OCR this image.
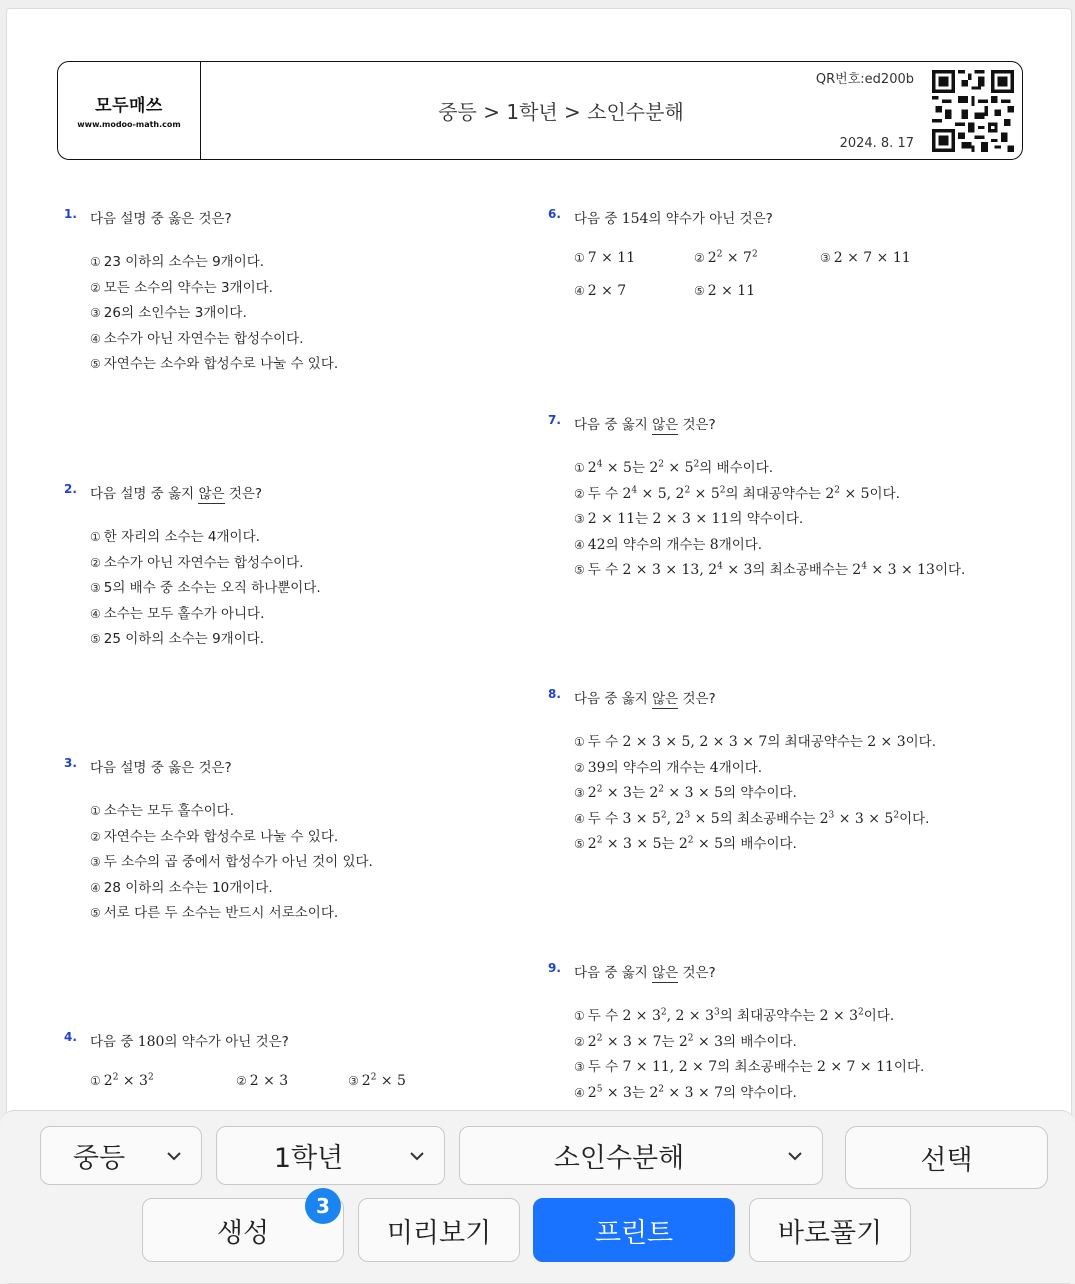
모두매쓰
www.modoo-math.com
중등 > 1학년 > 소인수분해
QR번호:ed200b
2024. 8. 17
1. 다음 설명 중 옳은 것은?
① 23 이하의 소수는 9개이다.
② 모든 소수의 약수는 3개이다.
③ 26의 소인수는 3개이다.
④ 소수가 아닌 자연수는 합성수이다.
⑤ 자연수는 소수와 합성수로 나눌 수 있다.
2. 다음 설명 중 옳지 않은 것은?
① 한 자리의 소수는 4개이다.
② 소수가 아닌 자연수는 합성수이다.
③ 5의 배수 중 소수는 오직 하나뿐이다.
④ 소수는 모두 홀수가 아니다.
⑤ 25 이하의 소수는 9개이다.
3. 다음 설명 중 옳은 것은?
① 소수는 모두 홀수이다.
② 자연수는 소수와 합성수로 나눌 수 있다.
③ 두 소수의 곱 중에서 합성수가 아닌 것이 있다.
④ 28 이하의 소수는 10개이다.
⑤ 서로 다른 두 소수는 반드시 서로소이다.
4. 다음 중 180의 약수가 아닌 것은?
① $2^2 \times 3^2$	② 2 × 3	③ $2^2 \times 5$
6. 다음 중 154의 약수가 아닌 것은?
① 7 × 11	② $2^2 \times 7^2$	③ 2 × 7 × 11
④ 2 × 7	⑤ 2 × 11
7. 다음 중 옳지 않은 것은?
① $2^4 \times 5$는 $2^2 \times 5^2$의 배수이다.
② 두 수 $2^4 \times 5$, $2^2 \times 5^2$의 최대공약수는 $2^2 \times 5$이다.
③ 2 × 11는 2 × 3 × 11의 약수이다.
④ 42의 약수의 개수는 8개이다.
⑤ 두 수 2 × 3 × 13, $2^4 \times 3$의 최소공배수는 $2^4 \times 3 \times 13$이다.
8. 다음 중 옳지 않은 것은?
① 두 수 2 × 3 × 5, 2 × 3 × 7의 최대공약수는 2 × 3이다.
② 39의 약수의 개수는 4개이다.
③ $2^2 \times 3$는 $2^2 \times 3 \times 5$의 약수이다.
④ 두 수 $3 \times 5^2$, $2^3 \times 5$의 최소공배수는 $2^3 \times 3 \times 5^2$이다.
⑤ $2^2 \times 3 \times 5$는 $2^2 \times 5$의 배수이다.
9. 다음 중 옳지 않은 것은?
① 두 수 $2 \times 3^2$, $2 \times 3^3$의 최대공약수는 $2 \times 3^2$이다.
② $2^2 \times 3 \times 7$는 $2^2 \times 3$의 배수이다.
③ 두 수 7 × 11, 2 × 7의 최소공배수는 2 × 7 × 11이다.
④ $2^5 \times 3$는 $2^2 \times 3 \times 7$의 약수이다.
중등	1학년	소인수분해	선택
생성
3
미리보기	프린트	바로풀기
